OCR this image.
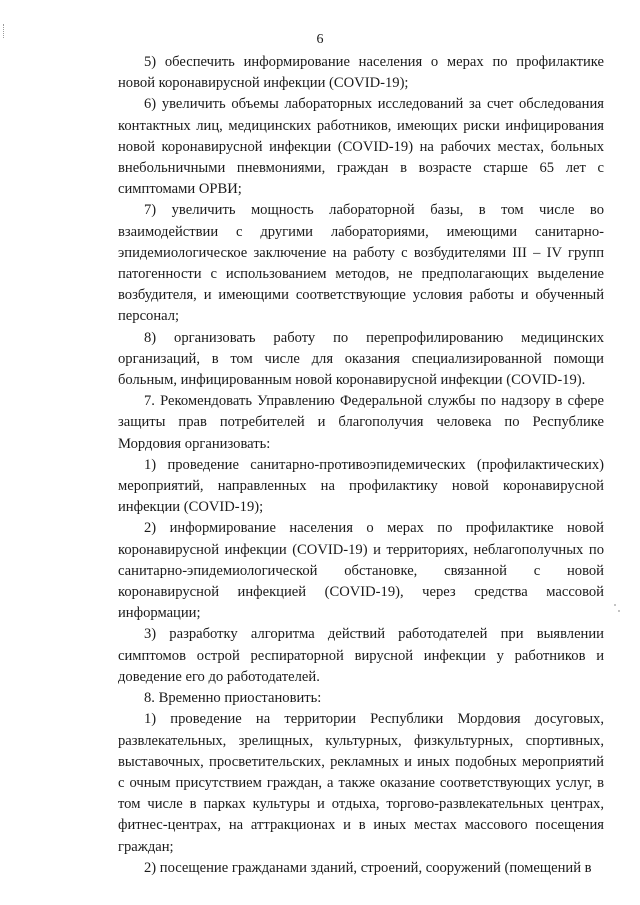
6

5) обеспечить информирование населения о мерах по профилактике новой коронавирусной инфекции (COVID-19);

6) увеличить объемы лабораторных исследований за счет обследования контактных лиц, медицинских работников, имеющих риски инфицирования новой коронавирусной инфекции (COVID-19) на рабочих местах, больных внебольничными пневмониями, граждан в возрасте старше 65 лет с симптомами ОРВИ;

7) увеличить мощность лабораторной базы, в том числе во взаимодействии с другими лабораториями, имеющими санитарно-эпидемиологическое заключение на работу с возбудителями III – IV групп патогенности с использованием методов, не предполагающих выделение возбудителя, и имеющими соответствующие условия работы и обученный персонал;

8) организовать работу по перепрофилированию медицинских организаций, в том числе для оказания специализированной помощи больным, инфицированным новой коронавирусной инфекции (COVID-19).

7. Рекомендовать Управлению Федеральной службы по надзору в сфере защиты прав потребителей и благополучия человека по Республике Мордовия организовать:

1) проведение санитарно-противоэпидемических (профилактических) мероприятий, направленных на профилактику новой коронавирусной инфекции (COVID-19);

2) информирование населения о мерах по профилактике новой коронавирусной инфекции (COVID-19) и территориях, неблагополучных по санитарно-эпидемиологической обстановке, связанной с новой коронавирусной инфекцией (COVID-19), через средства массовой информации;

3) разработку алгоритма действий работодателей при выявлении симптомов острой респираторной вирусной инфекции у работников и доведение его до работодателей.

8. Временно приостановить:

1) проведение на территории Республики Мордовия досуговых, развлекательных, зрелищных, культурных, физкультурных, спортивных, выставочных, просветительских, рекламных и иных подобных мероприятий с очным присутствием граждан, а также оказание соответствующих услуг, в том числе в парках культуры и отдыха, торгово-развлекательных центрах, фитнес-центрах, на аттракционах и в иных местах массового посещения граждан;

2) посещение гражданами зданий, строений, сооружений (помещений в
